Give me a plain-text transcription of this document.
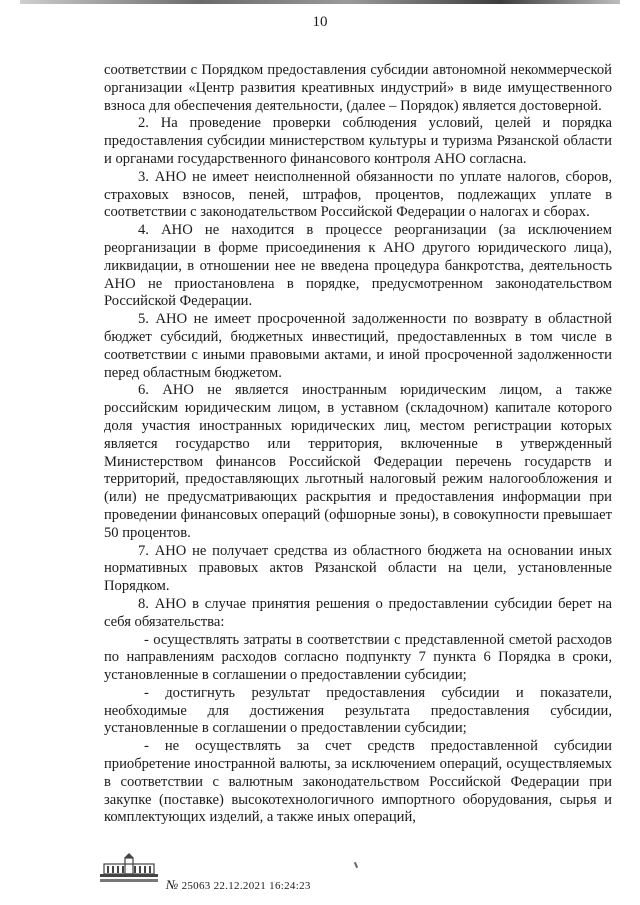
10

соответствии с Порядком предоставления субсидии автономной некоммерческой организации «Центр развития креативных индустрий» в виде имущественного взноса для обеспечения деятельности, (далее – Порядок) является достоверной.

2. На проведение проверки соблюдения условий, целей и порядка предоставления субсидии министерством культуры и туризма Рязанской области и органами государственного финансового контроля АНО согласна.

3. АНО не имеет неисполненной обязанности по уплате налогов, сборов, страховых взносов, пеней, штрафов, процентов, подлежащих уплате в соответствии с законодательством Российской Федерации о налогах и сборах.

4. АНО не находится в процессе реорганизации (за исключением реорганизации в форме присоединения к АНО другого юридического лица), ликвидации, в отношении нее не введена процедура банкротства, деятельность АНО не приостановлена в порядке, предусмотренном законодательством Российской Федерации.

5. АНО не имеет просроченной задолженности по возврату в областной бюджет субсидий, бюджетных инвестиций, предоставленных в том числе в соответствии с иными правовыми актами, и иной просроченной задолженности перед областным бюджетом.

6. АНО не является иностранным юридическим лицом, а также российским юридическим лицом, в уставном (складочном) капитале которого доля участия иностранных юридических лиц, местом регистрации которых является государство или территория, включенные в утвержденный Министерством финансов Российской Федерации перечень государств и территорий, предоставляющих льготный налоговый режим налогообложения и (или) не предусматривающих раскрытия и предоставления информации при проведении финансовых операций (офшорные зоны), в совокупности превышает 50 процентов.

7. АНО не получает средства из областного бюджета на основании иных нормативных правовых актов Рязанской области на цели, установленные Порядком.

8. АНО в случае принятия решения о предоставлении субсидии берет на себя обязательства:

- осуществлять затраты в соответствии с представленной сметой расходов по направлениям расходов согласно подпункту 7 пункта 6 Порядка в сроки, установленные в соглашении о предоставлении субсидии;

- достигнуть результат предоставления субсидии и показатели, необходимые для достижения результата предоставления субсидии, установленные в соглашении о предоставлении субсидии;

- не осуществлять за счет средств предоставленной субсидии приобретение иностранной валюты, за исключением операций, осуществляемых в соответствии с валютным законодательством Российской Федерации при закупке (поставке) высокотехнологичного импортного оборудования, сырья и комплектующих изделий, а также иных операций,

№ 25063 22.12.2021 16:24:23
